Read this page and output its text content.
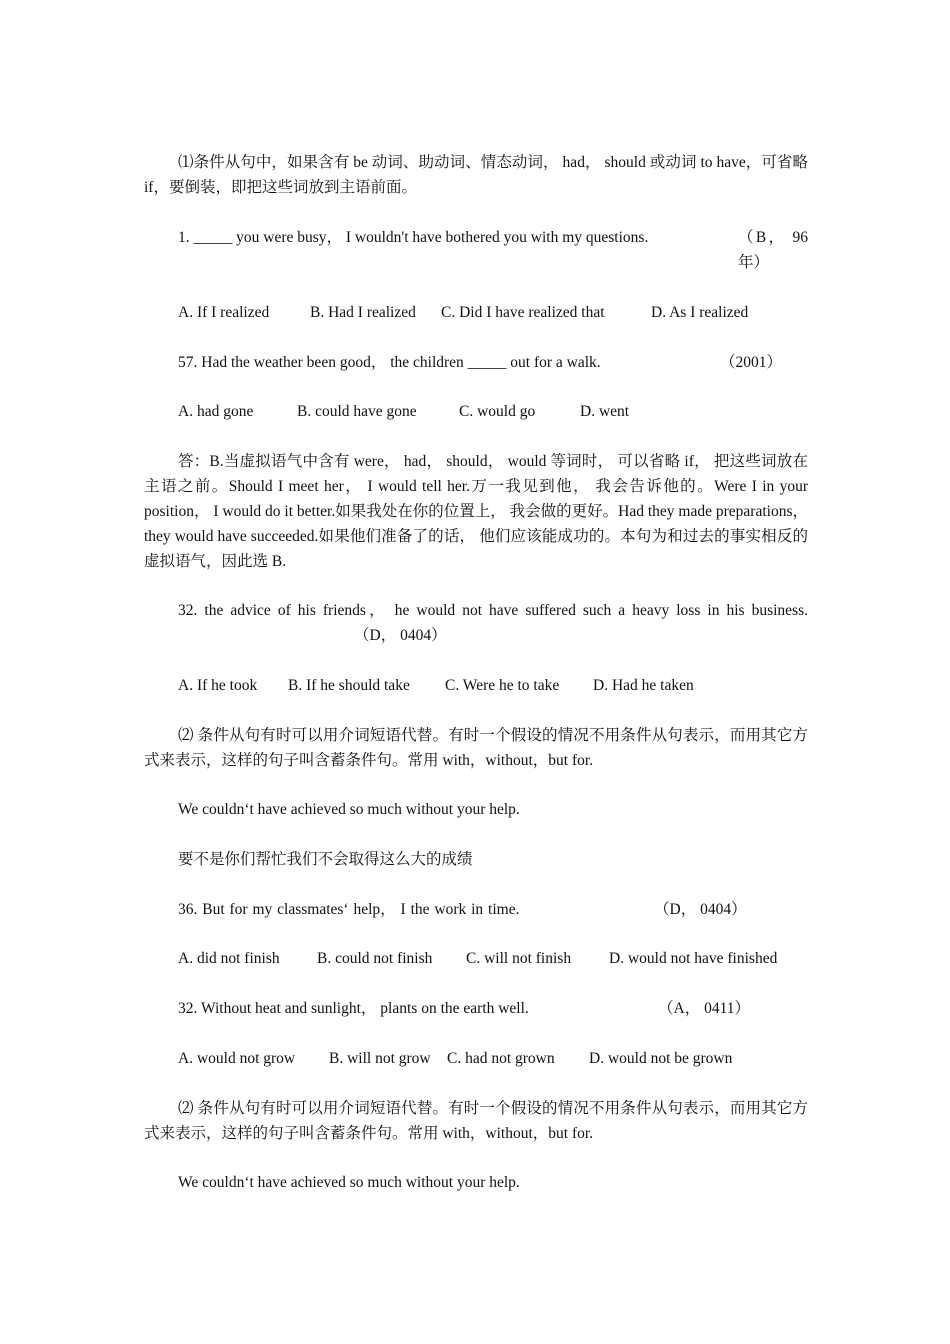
⑴条件从句中，如果含有 be 动词、助动词、情态动词， had， should 或动词 to have，可省略 if，要倒装，即把这些词放到主语前面。

1. _____ you were busy， I wouldn't have bothered you with my questions.	（B， 96年）
A. If I realized	B. Had I realized C. Did I have realized that	D. As I realized
57. Had the weather been good， the children _____ out for a walk.	（2001）
A. had gone	B. could have gone	C. would go	D. went

答：B.当虚拟语气中含有 were， had， should， would 等词时， 可以省略 if， 把这些词放在主语之前。Should I meet her， I would tell her.万一我见到他， 我会告诉他的。Were I in your position， I would do it better.如果我处在你的位置上， 我会做的更好。Had they made preparations， they would have succeeded.如果他们准备了的话， 他们应该能成功的。本句为和过去的事实相反的虚拟语气，因此选 B.

32. the advice of his friends， he would not have suffered such a heavy loss in his business.（D， 0404）

A. If he took B. If he should take C. Were he to take D. Had he taken

⑵ 条件从句有时可以用介词短语代替。有时一个假设的情况不用条件从句表示，而用其它方式来表示，这样的句子叫含蓄条件句。常用 with，without，but for.

We couldn‘t have achieved so much without your help.
要不是你们帮忙我们不会取得这么大的成绩
36. But for my classmates‘ help， I the work in time.	（D， 0404）
A. did not finish B. could not finish C. will not finish D. would not have finished
32. Without heat and sunlight， plants on the earth well.	（A， 0411）
A. would not grow B. will not grow C. had not grown D. would not be grown

⑵ 条件从句有时可以用介词短语代替。有时一个假设的情况不用条件从句表示，而用其它方式来表示，这样的句子叫含蓄条件句。常用 with，without，but for.

We couldn‘t have achieved so much without your help.
